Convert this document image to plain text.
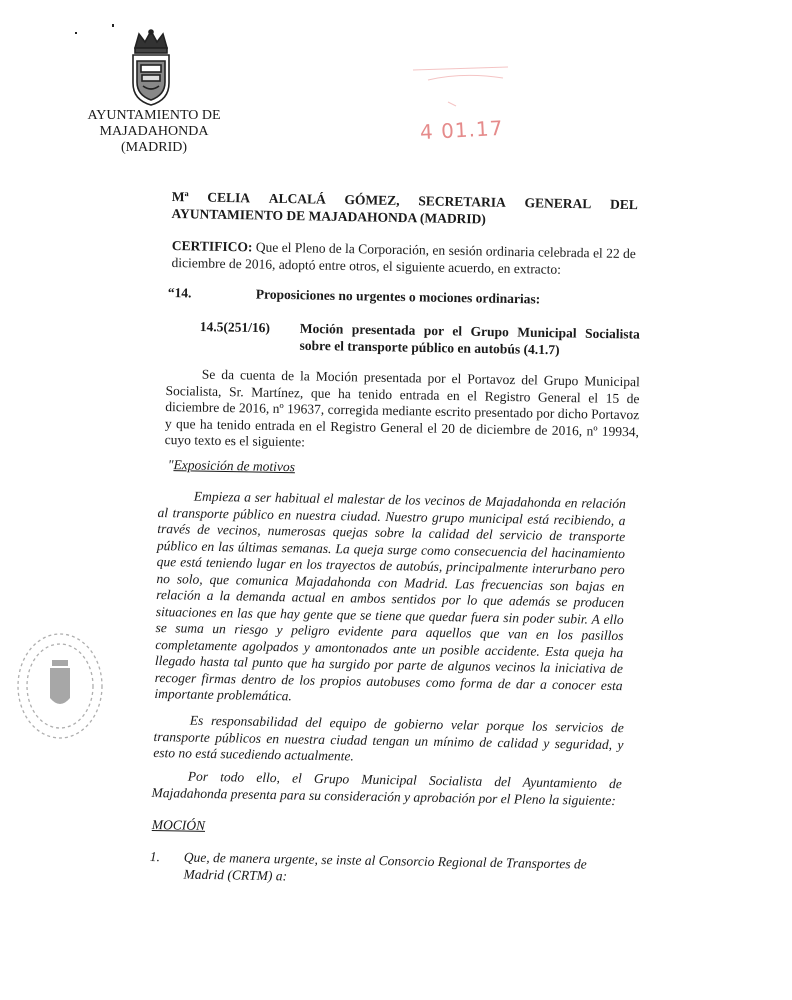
4 01.17
AYUNTAMIENTO DE
MAJADAHONDA
(MADRID)
Mª CELIA ALCALÁ GÓMEZ, SECRETARIA GENERAL DEL
AYUNTAMIENTO DE MAJADAHONDA (MADRID)
CERTIFICO: Que el Pleno de la Corporación, en sesión ordinaria celebrada el 22 de diciembre de 2016, adoptó entre otros, el siguiente acuerdo, en extracto:
“14.	Proposiciones no urgentes o mociones ordinarias:
14.5(251/16)	Moción presentada por el Grupo Municipal Socialista sobre el transporte público en autobús (4.1.7)

Se da cuenta de la Moción presentada por el Portavoz del Grupo Municipal Socialista, Sr. Martínez, que ha tenido entrada en el Registro General el 15 de diciembre de 2016, nº 19637, corregida mediante escrito presentado por dicho Portavoz y que ha tenido entrada en el Registro General el 20 de diciembre de 2016, nº 19934, cuyo texto es el siguiente:

"Exposición de motivos

Empieza a ser habitual el malestar de los vecinos de Majadahonda en relación al transporte público en nuestra ciudad. Nuestro grupo municipal está recibiendo, a través de vecinos, numerosas quejas sobre la calidad del servicio de transporte público en las últimas semanas. La queja surge como consecuencia del hacinamiento que está teniendo lugar en los trayectos de autobús, principalmente interurbano pero no solo, que comunica Majadahonda con Madrid. Las frecuencias son bajas en relación a la demanda actual en ambos sentidos por lo que además se producen situaciones en las que hay gente que se tiene que quedar fuera sin poder subir. A ello se suma un riesgo y peligro evidente para aquellos que van en los pasillos completamente agolpados y amontonados ante un posible accidente. Esta queja ha llegado hasta tal punto que ha surgido por parte de algunos vecinos la iniciativa de recoger firmas dentro de los propios autobuses como forma de dar a conocer esta importante problemática.

Es responsabilidad del equipo de gobierno velar porque los servicios de transporte públicos en nuestra ciudad tengan un mínimo de calidad y seguridad, y esto no está sucediendo actualmente.

Por todo ello, el Grupo Municipal Socialista del Ayuntamiento de Majadahonda presenta para su consideración y aprobación por el Pleno la siguiente:

MOCIÓN
1.	Que, de manera urgente, se inste al Consorcio Regional de Transportes de Madrid (CRTM) a:
